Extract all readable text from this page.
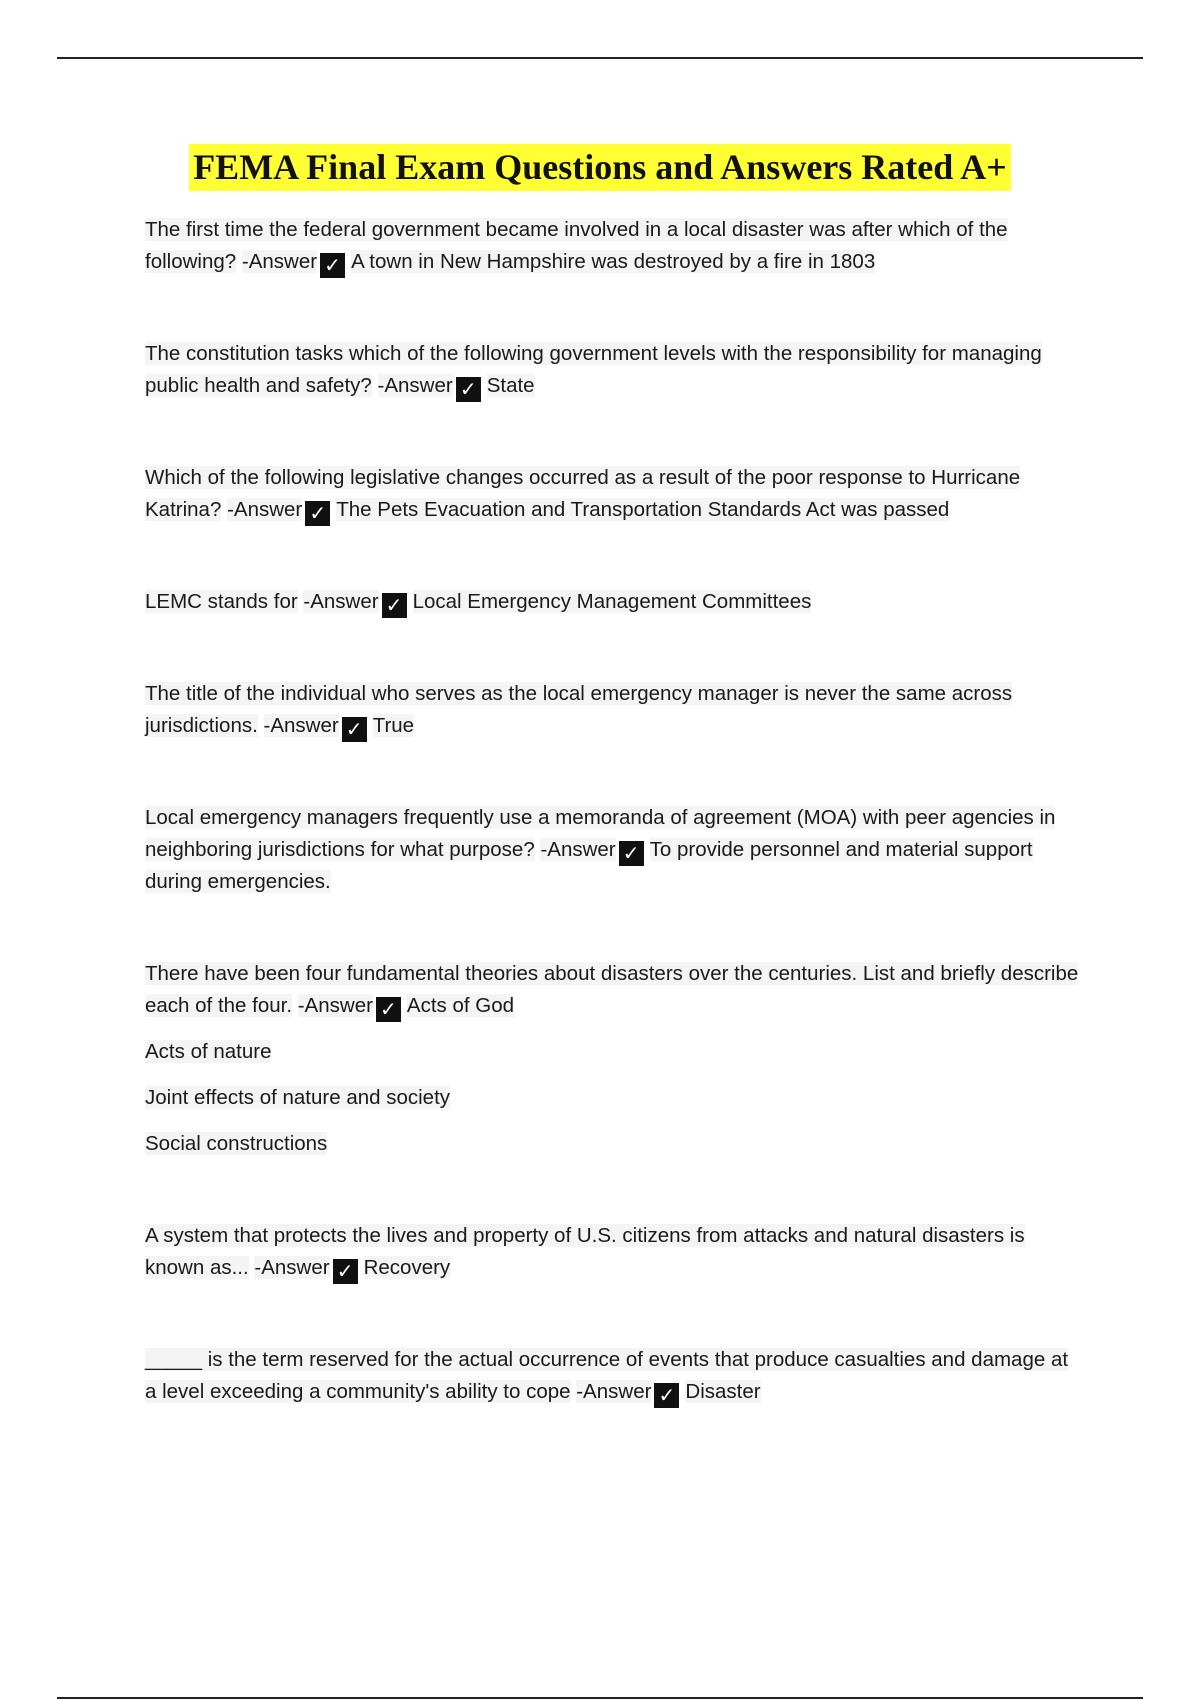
FEMA Final Exam Questions and Answers Rated A+
The first time the federal government became involved in a local disaster was after which of the following? -Answer ✓ A town in New Hampshire was destroyed by a fire in 1803
The constitution tasks which of the following government levels with the responsibility for managing public health and safety? -Answer ✓ State
Which of the following legislative changes occurred as a result of the poor response to Hurricane Katrina? -Answer ✓ The Pets Evacuation and Transportation Standards Act was passed
LEMC stands for -Answer ✓ Local Emergency Management Committees
The title of the individual who serves as the local emergency manager is never the same across jurisdictions. -Answer ✓ True
Local emergency managers frequently use a memoranda of agreement (MOA) with peer agencies in neighboring jurisdictions for what purpose? -Answer ✓ To provide personnel and material support during emergencies.
There have been four fundamental theories about disasters over the centuries. List and briefly describe each of the four. -Answer ✓ Acts of God
Acts of nature
Joint effects of nature and society
Social constructions
A system that protects the lives and property of U.S. citizens from attacks and natural disasters is known as... -Answer ✓ Recovery
_____ is the term reserved for the actual occurrence of events that produce casualties and damage at a level exceeding a community's ability to cope -Answer ✓ Disaster
